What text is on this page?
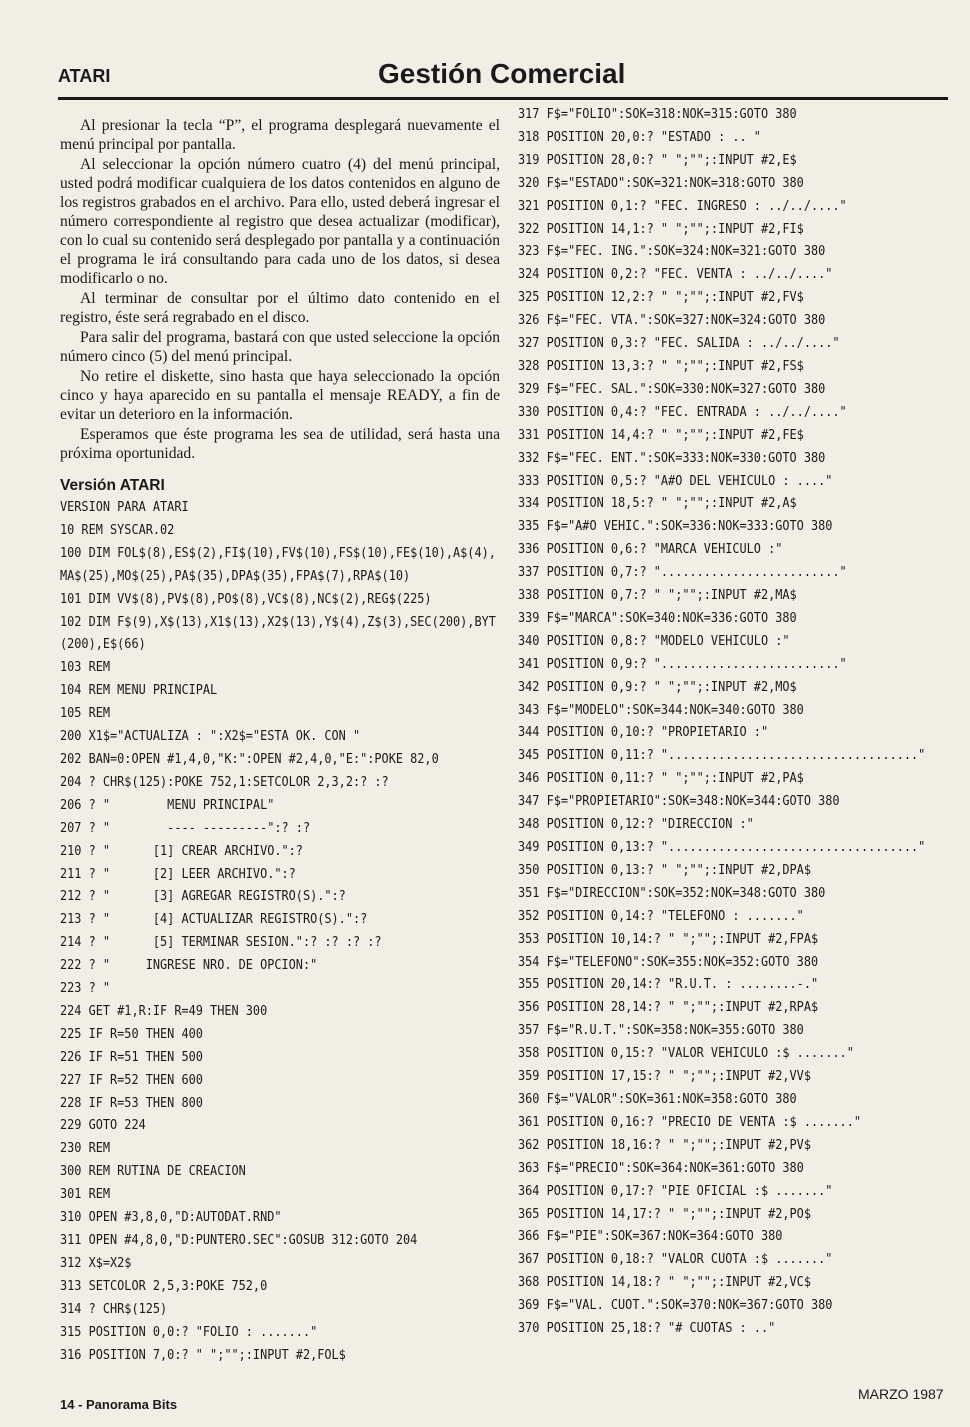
ATARI	Gestión Comercial

Al presionar la tecla “P”, el programa desplegará nuevamente el menú principal por pantalla.

Al seleccionar la opción número cuatro (4) del menú principal, usted podrá modificar cualquiera de los datos contenidos en alguno de los registros grabados en el archivo. Para ello, usted deberá ingresar el número correspondiente al registro que desea actualizar (modificar), con lo cual su contenido será desplegado por pantalla y a continuación el programa le irá consultando para cada uno de los datos, si desea modificarlo o no.

Al terminar de consultar por el último dato contenido en el registro, éste será regrabado en el disco.

Para salir del programa, bastará con que usted seleccione la opción número cinco (5) del menú principal.

No retire el diskette, sino hasta que haya seleccionado la opción cinco y haya aparecido en su pantalla el mensaje READY, a fin de evitar un deterioro en la información.

Esperamos que éste programa les sea de utilidad, será hasta una próxima oportunidad.

Versión ATARI
VERSION PARA ATARI
10 REM SYSCAR.02
100 DIM FOL$(8),ES$(2),FI$(10),FV$(10),FS$(10),FE$(10),A$(4),MA$(25),MO$(25),PA$(35),DPA$(35),FPA$(7),RPA$(10)
101 DIM VV$(8),PV$(8),PO$(8),VC$(8),NC$(2),REG$(225)
102 DIM F$(9),X$(13),X1$(13),X2$(13),Y$(4),Z$(3),SEC(200),BYT(200),E$(66)
103 REM
104 REM MENU PRINCIPAL
105 REM
200 X1$="ACTUALIZA : ":X2$="ESTA OK. CON "
202 BAN=0:OPEN #1,4,0,"K:":OPEN #2,4,0,"E:":POKE 82,0
204 ? CHR$(125):POKE 752,1:SETCOLOR 2,3,2:? :?
206 ? "        MENU PRINCIPAL"
207 ? "        ---- ---------":? :?
210 ? "      [1] CREAR ARCHIVO.":?
211 ? "      [2] LEER ARCHIVO.":?
212 ? "      [3] AGREGAR REGISTRO(S).":?
213 ? "      [4] ACTUALIZAR REGISTRO(S).":?
214 ? "      [5] TERMINAR SESION.":? :? :? :?
222 ? "     INGRESE NRO. DE OPCION:"
223 ? "
224 GET #1,R:IF R=49 THEN 300
225 IF R=50 THEN 400
226 IF R=51 THEN 500
227 IF R=52 THEN 600
228 IF R=53 THEN 800
229 GOTO 224
230 REM
300 REM RUTINA DE CREACION
301 REM
310 OPEN #3,8,0,"D:AUTODAT.RND"
311 OPEN #4,8,0,"D:PUNTERO.SEC":GOSUB 312:GOTO 204
312 X$=X2$
313 SETCOLOR 2,5,3:POKE 752,0
314 ? CHR$(125)
315 POSITION 0,0:? "FOLIO : ......."
316 POSITION 7,0:? " ";"";:INPUT #2,FOL$
317 F$="FOLIO":SOK=318:NOK=315:GOTO 380
318 POSITION 20,0:? "ESTADO : .. "
319 POSITION 28,0:? " ";"";:INPUT #2,E$
320 F$="ESTADO":SOK=321:NOK=318:GOTO 380
321 POSITION 0,1:? "FEC. INGRESO : ../../...."
322 POSITION 14,1:? " ";"";:INPUT #2,FI$
323 F$="FEC. ING.":SOK=324:NOK=321:GOTO 380
324 POSITION 0,2:? "FEC. VENTA : ../../...."
325 POSITION 12,2:? " ";"";:INPUT #2,FV$
326 F$="FEC. VTA.":SOK=327:NOK=324:GOTO 380
327 POSITION 0,3:? "FEC. SALIDA : ../../...."
328 POSITION 13,3:? " ";"";:INPUT #2,FS$
329 F$="FEC. SAL.":SOK=330:NOK=327:GOTO 380
330 POSITION 0,4:? "FEC. ENTRADA : ../../...."
331 POSITION 14,4:? " ";"";:INPUT #2,FE$
332 F$="FEC. ENT.":SOK=333:NOK=330:GOTO 380
333 POSITION 0,5:? "A#O DEL VEHICULO : ...."
334 POSITION 18,5:? " ";"";:INPUT #2,A$
335 F$="A#O VEHIC.":SOK=336:NOK=333:GOTO 380
336 POSITION 0,6:? "MARCA VEHICULO :"
337 POSITION 0,7:? "........................."
338 POSITION 0,7:? " ";"";:INPUT #2,MA$
339 F$="MARCA":SOK=340:NOK=336:GOTO 380
340 POSITION 0,8:? "MODELO VEHICULO :"
341 POSITION 0,9:? "........................."
342 POSITION 0,9:? " ";"";:INPUT #2,MO$
343 F$="MODELO":SOK=344:NOK=340:GOTO 380
344 POSITION 0,10:? "PROPIETARIO :"
345 POSITION 0,11:? "..................................."
346 POSITION 0,11:? " ";"";:INPUT #2,PA$
347 F$="PROPIETARIO":SOK=348:NOK=344:GOTO 380
348 POSITION 0,12:? "DIRECCION :"
349 POSITION 0,13:? "..................................."
350 POSITION 0,13:? " ";"";:INPUT #2,DPA$
351 F$="DIRECCION":SOK=352:NOK=348:GOTO 380
352 POSITION 0,14:? "TELEFONO : ......."
353 POSITION 10,14:? " ";"";:INPUT #2,FPA$
354 F$="TELEFONO":SOK=355:NOK=352:GOTO 380
355 POSITION 20,14:? "R.U.T. : ........-."
356 POSITION 28,14:? " ";"";:INPUT #2,RPA$
357 F$="R.U.T.":SOK=358:NOK=355:GOTO 380
358 POSITION 0,15:? "VALOR VEHICULO :$ ......."
359 POSITION 17,15:? " ";"";:INPUT #2,VV$
360 F$="VALOR":SOK=361:NOK=358:GOTO 380
361 POSITION 0,16:? "PRECIO DE VENTA :$ ......."
362 POSITION 18,16:? " ";"";:INPUT #2,PV$
363 F$="PRECIO":SOK=364:NOK=361:GOTO 380
364 POSITION 0,17:? "PIE OFICIAL :$ ......."
365 POSITION 14,17:? " ";"";:INPUT #2,PO$
366 F$="PIE":SOK=367:NOK=364:GOTO 380
367 POSITION 0,18:? "VALOR CUOTA :$ ......."
368 POSITION 14,18:? " ";"";:INPUT #2,VC$
369 F$="VAL. CUOT.":SOK=370:NOK=367:GOTO 380
370 POSITION 25,18:? "# CUOTAS : .."
14 - Panorama Bits
MARZO 1987
